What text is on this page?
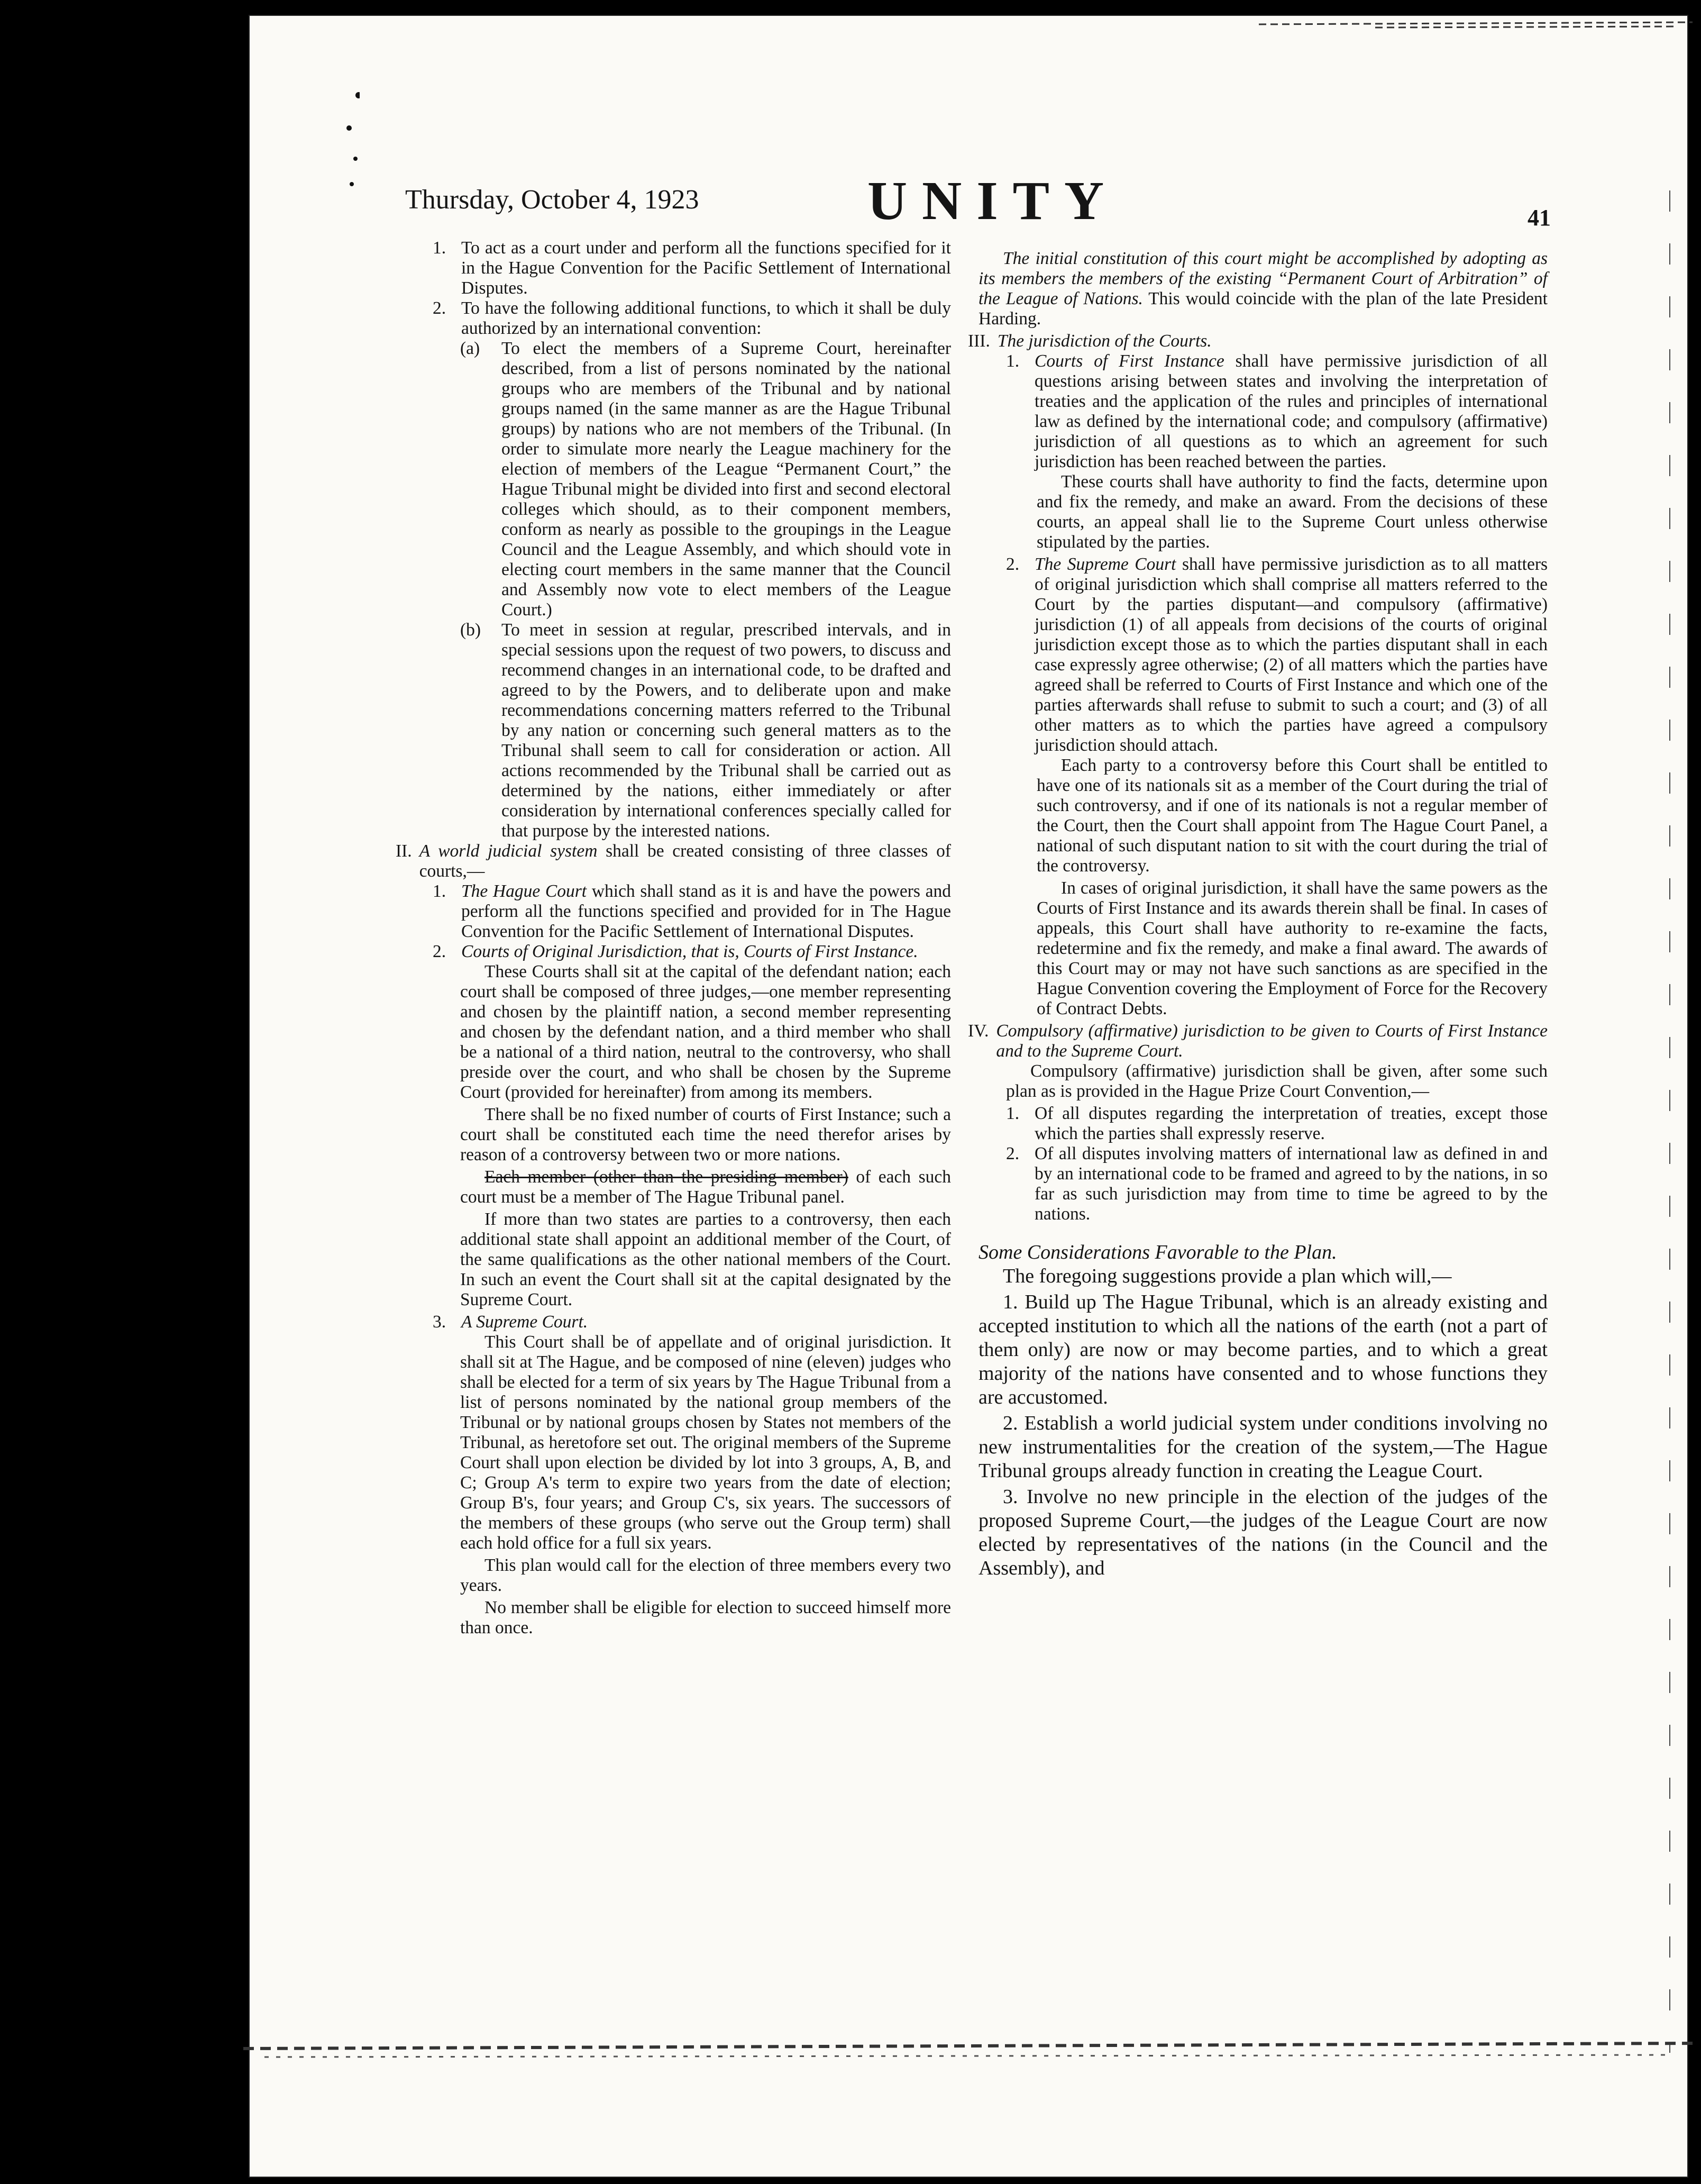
Thursday, October 4, 1923	UNITY	41
1. To act as a court under and perform all the functions specified for it in the Hague Convention for the Pacific Settlement of International Disputes.
2. To have the following additional functions, to which it shall be duly authorized by an international convention:
(a)	To elect the members of a Supreme Court, hereinafter described, from a list of persons nominated by the national groups who are members of the Tribunal and by national groups named (in the same manner as are the Hague Tribunal groups) by nations who are not members of the Tribunal. (In order to simulate more nearly the League machinery for the election of members of the League “Permanent Court,” the Hague Tribunal might be divided into first and second electoral colleges which should, as to their component members, conform as nearly as possible to the groupings in the League Council and the League Assembly, and which should vote in electing court members in the same manner that the Council and Assembly now vote to elect members of the League Court.)
(b)	To meet in session at regular, prescribed intervals, and in special sessions upon the request of two powers, to discuss and recommend changes in an international code, to be drafted and agreed to by the Powers, and to deliberate upon and make recommendations concerning matters referred to the Tribunal by any nation or concerning such general matters as to the Tribunal shall seem to call for consideration or action. All actions recommended by the Tribunal shall be carried out as determined by the nations, either immediately or after consideration by international conferences specially called for that purpose by the interested nations.
II. A world judicial system shall be created consisting of three classes of courts,—
1. The Hague Court which shall stand as it is and have the powers and perform all the functions specified and provided for in The Hague Convention for the Pacific Settlement of International Disputes.
2. Courts of Original Jurisdiction, that is, Courts of First Instance.

These Courts shall sit at the capital of the defendant nation; each court shall be composed of three judges,—one member representing and chosen by the plaintiff nation, a second member representing and chosen by the defendant nation, and a third member who shall be a national of a third nation, neutral to the controversy, who shall preside over the court, and who shall be chosen by the Supreme Court (provided for hereinafter) from among its members.

There shall be no fixed number of courts of First Instance; such a court shall be constituted each time the need therefor arises by reason of a controversy between two or more nations.

Each member (other than the presiding member) of each such court must be a member of The Hague Tribunal panel.

If more than two states are parties to a controversy, then each additional state shall appoint an additional member of the Court, of the same qualifications as the other national members of the Court. In such an event the Court shall sit at the capital designated by the Supreme Court.

3. A Supreme Court.

This Court shall be of appellate and of original jurisdiction. It shall sit at The Hague, and be composed of nine (eleven) judges who shall be elected for a term of six years by The Hague Tribunal from a list of persons nominated by the national group members of the Tribunal or by national groups chosen by States not members of the Tribunal, as heretofore set out. The original members of the Supreme Court shall upon election be divided by lot into 3 groups, A, B, and C; Group A's term to expire two years from the date of election; Group B's, four years; and Group C's, six years. The successors of the members of these groups (who serve out the Group term) shall each hold office for a full six years.

This plan would call for the election of three members every two years.

No member shall be eligible for election to succeed himself more than once.

The initial constitution of this court might be accomplished by adopting as its members the members of the existing “Permanent Court of Arbitration” of the League of Nations. This would coincide with the plan of the late President Harding.

III. The jurisdiction of the Courts.
1. Courts of First Instance shall have permissive jurisdiction of all questions arising between states and involving the interpretation of treaties and the application of the rules and principles of international law as defined by the international code; and compulsory (affirmative) jurisdiction of all questions as to which an agreement for such jurisdiction has been reached between the parties.

These courts shall have authority to find the facts, determine upon and fix the remedy, and make an award. From the decisions of these courts, an appeal shall lie to the Supreme Court unless otherwise stipulated by the parties.

2. The Supreme Court shall have permissive jurisdiction as to all matters of original jurisdiction which shall comprise all matters referred to the Court by the parties disputant—and compulsory (affirmative) jurisdiction (1) of all appeals from decisions of the courts of original jurisdiction except those as to which the parties disputant shall in each case expressly agree otherwise; (2) of all matters which the parties have agreed shall be referred to Courts of First Instance and which one of the parties afterwards shall refuse to submit to such a court; and (3) of all other matters as to which the parties have agreed a compulsory jurisdiction should attach.

Each party to a controversy before this Court shall be entitled to have one of its nationals sit as a member of the Court during the trial of such controversy, and if one of its nationals is not a regular member of the Court, then the Court shall appoint from The Hague Court Panel, a national of such disputant nation to sit with the court during the trial of the controversy.

In cases of original jurisdiction, it shall have the same powers as the Courts of First Instance and its awards therein shall be final. In cases of appeals, this Court shall have authority to re-examine the facts, redetermine and fix the remedy, and make a final award. The awards of this Court may or may not have such sanctions as are specified in the Hague Convention covering the Employment of Force for the Recovery of Contract Debts.

IV. Compulsory (affirmative) jurisdiction to be given to Courts of First Instance and to the Supreme Court.

Compulsory (affirmative) jurisdiction shall be given, after some such plan as is provided in the Hague Prize Court Convention,—

1. Of all disputes regarding the interpretation of treaties, except those which the parties shall expressly reserve.
2. Of all disputes involving matters of international law as defined in and by an international code to be framed and agreed to by the nations, in so far as such jurisdiction may from time to time be agreed to by the nations.

Some Considerations Favorable to the Plan.

The foregoing suggestions provide a plan which will,—

1. Build up The Hague Tribunal, which is an already existing and accepted institution to which all the nations of the earth (not a part of them only) are now or may become parties, and to which a great majority of the nations have consented and to whose functions they are accustomed.

2. Establish a world judicial system under conditions involving no new instrumentalities for the creation of the system,—The Hague Tribunal groups already function in creating the League Court.

3. Involve no new principle in the election of the judges of the proposed Supreme Court,—the judges of the League Court are now elected by representatives of the nations (in the Council and the Assembly), and
